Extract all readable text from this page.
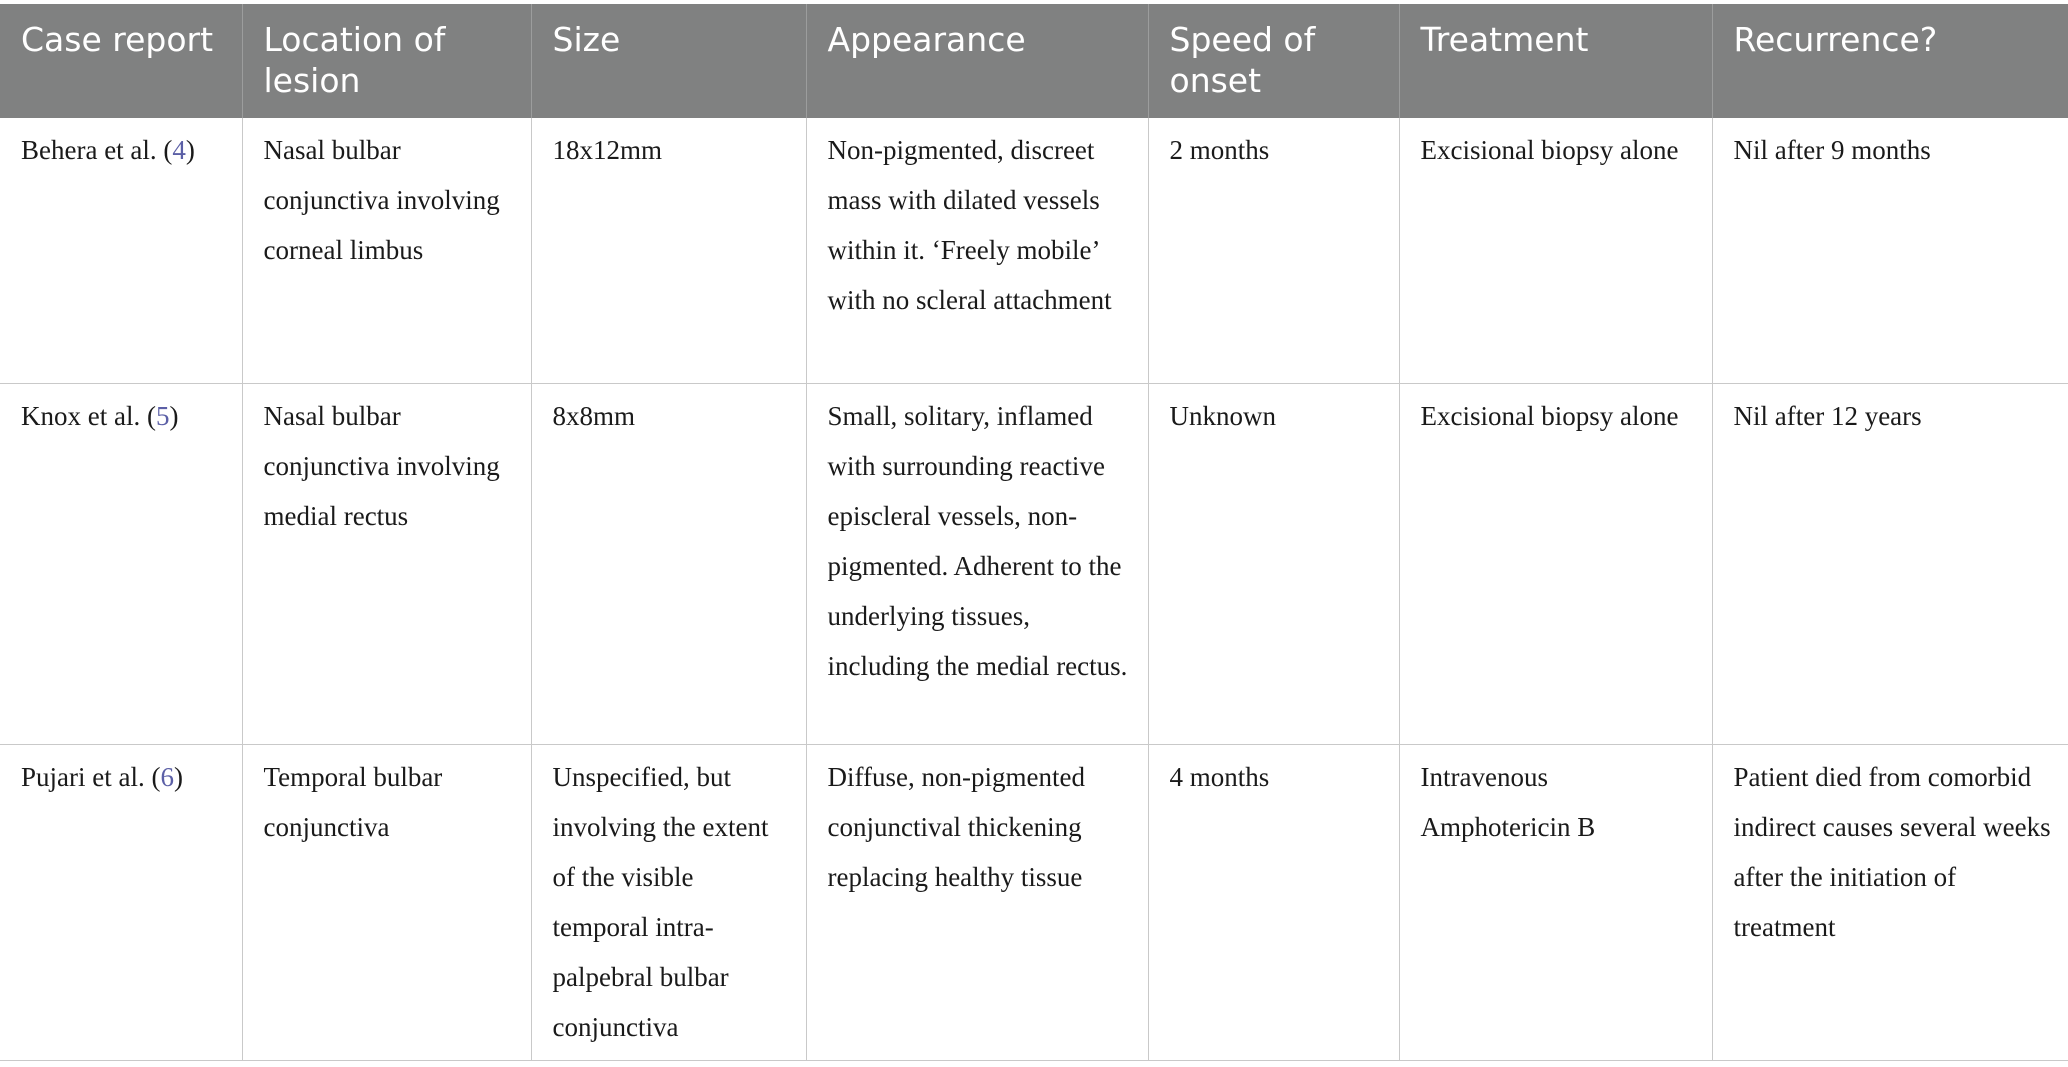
Case report	Location of lesion	Size	Appearance	Speed of onset	Treatment	Recurrence?
Behera et al. (4)	Nasal bulbar conjunctiva involving corneal limbus	18x12mm	Non-pigmented, discreet mass with dilated vessels within it. ‘Freely mobile’ with no scleral attachment	2 months	Excisional biopsy alone	Nil after 9 months
Knox et al. (5)	Nasal bulbar conjunctiva involving medial rectus	8x8mm	Small, solitary, inflamed with surrounding reactive episcleral vessels, non-pigmented. Adherent to the underlying tissues, including the medial rectus.	Unknown	Excisional biopsy alone	Nil after 12 years
Pujari et al. (6)	Temporal bulbar conjunctiva	Unspecified, but involving the extent of the visible temporal intra-palpebral bulbar conjunctiva	Diffuse, non-pigmented conjunctival thickening replacing healthy tissue	4 months	Intravenous Amphotericin B	Patient died from comorbid indirect causes several weeks after the initiation of treatment
